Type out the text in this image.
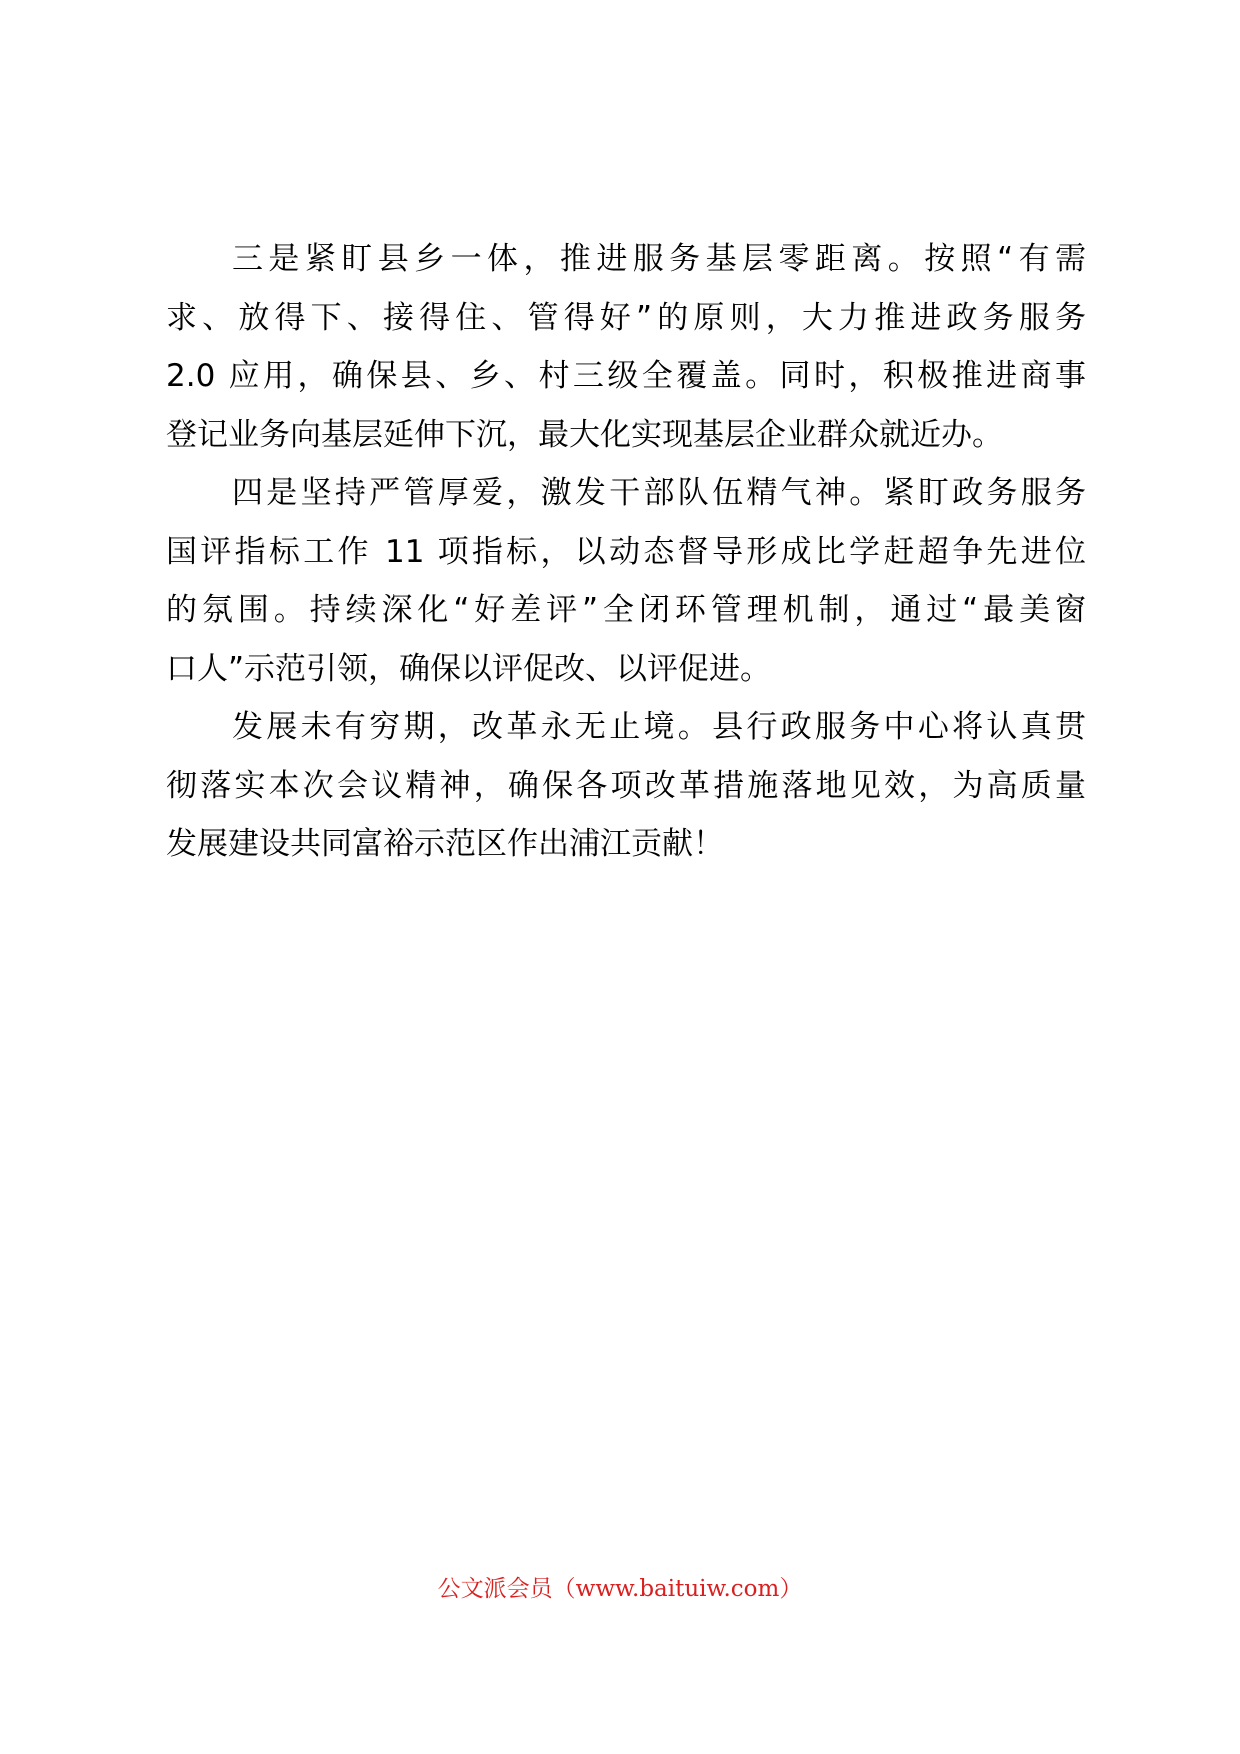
三是紧盯县乡一体，推进服务基层零距离。按照“有需
求、放得下、接得住、管得好”的原则，大力推进政务服务
2.0 应用，确保县、乡、村三级全覆盖。同时，积极推进商事
登记业务向基层延伸下沉，最大化实现基层企业群众就近办。
四是坚持严管厚爱，激发干部队伍精气神。紧盯政务服务
国评指标工作 11 项指标，以动态督导形成比学赶超争先进位
的氛围。持续深化“好差评”全闭环管理机制，通过“最美窗
口人”示范引领，确保以评促改、以评促进。
发展未有穷期，改革永无止境。县行政服务中心将认真贯
彻落实本次会议精神，确保各项改革措施落地见效，为高质量
发展建设共同富裕示范区作出浦江贡献！
公文派会员（www.baituiw.com）
